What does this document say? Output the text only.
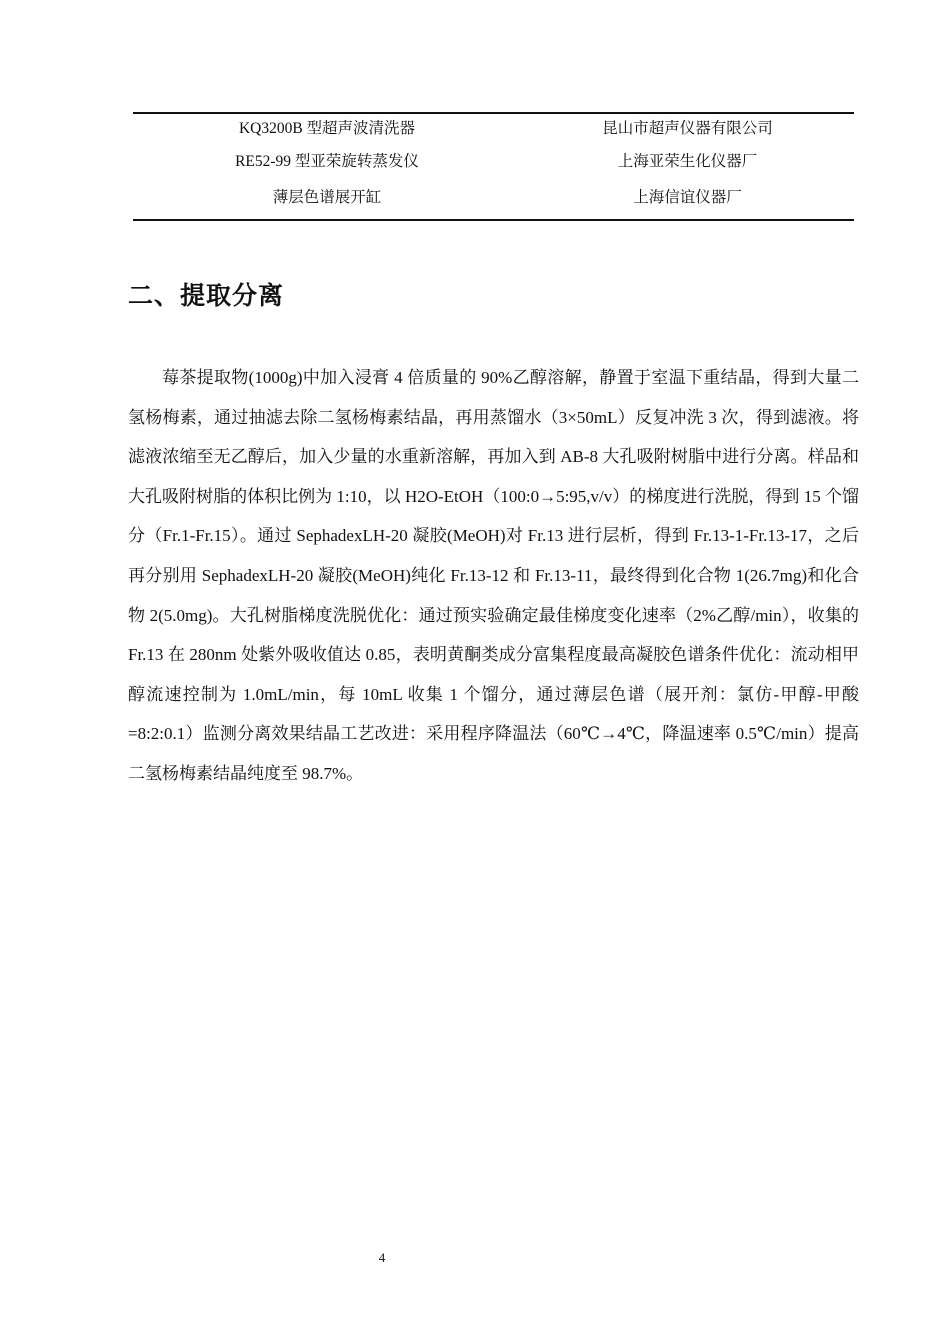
KQ3200B 型超声波清洗器	昆山市超声仪器有限公司
RE52-99 型亚荣旋转蒸发仪	上海亚荣生化仪器厂
薄层色谱展开缸	上海信谊仪器厂
二、提取分离

莓茶提取物(1000g)中加入浸膏 4 倍质量的 90%乙醇溶解，静置于室温下重结晶，得到大量二氢杨梅素，通过抽滤去除二氢杨梅素结晶，再用蒸馏水（3×50mL）反复冲洗 3 次，得到滤液。将滤液浓缩至无乙醇后，加入少量的水重新溶解，再加入到 AB-8 大孔吸附树脂中进行分离。样品和大孔吸附树脂的体积比例为 1:10，以 H2O-EtOH（100:0→5:95,v/v）的梯度进行洗脱，得到 15 个馏分（Fr.1-Fr.15）。通过 SephadexLH-20 凝胶(MeOH)对 Fr.13 进行层析，得到 Fr.13-1-Fr.13-17，之后再分别用 SephadexLH-20 凝胶(MeOH)纯化 Fr.13-12 和 Fr.13-11，最终得到化合物 1(26.7mg)和化合物 2(5.0mg)。大孔树脂梯度洗脱优化：通过预实验确定最佳梯度变化速率（2%乙醇/min），收集的 Fr.13 在 280nm 处紫外吸收值达 0.85，表明黄酮类成分富集程度最高凝胶色谱条件优化：流动相甲醇流速控制为 1.0mL/min，每 10mL 收集 1 个馏分，通过薄层色谱（展开剂：氯仿-甲醇-甲酸=8:2:0.1）监测分离效果结晶工艺改进：采用程序降温法（60℃→4℃，降温速率 0.5℃/min）提高二氢杨梅素结晶纯度至 98.7%。

4
